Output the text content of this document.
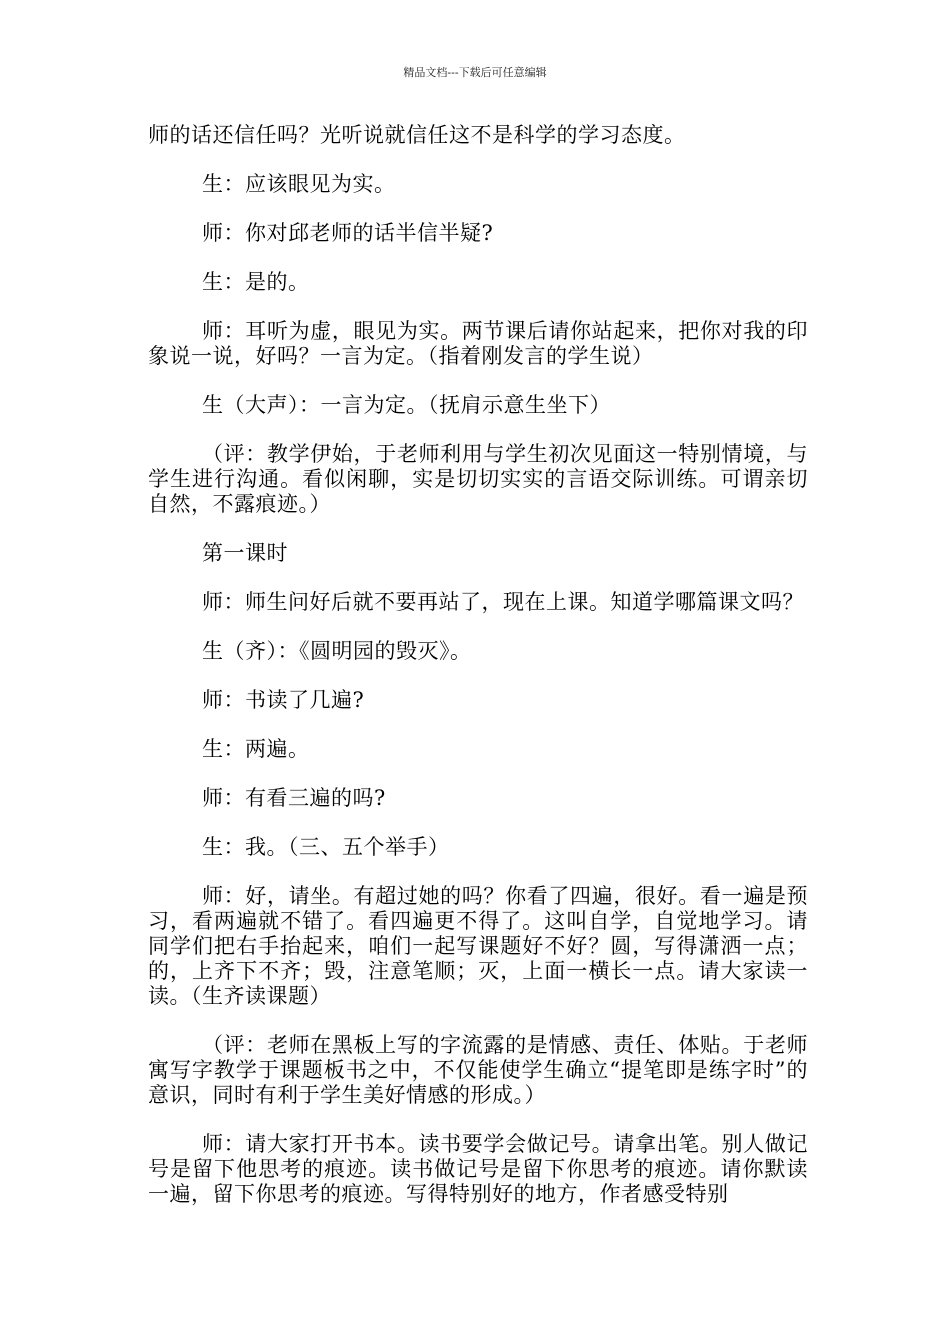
精品文档---下载后可任意编辑

师的话还信任吗？光听说就信任这不是科学的学习态度。

生：应该眼见为实。

师：你对邱老师的话半信半疑?

生：是的。

师：耳听为虚，眼见为实。两节课后请你站起来，把你对我的印象说一说，好吗？一言为定。（指着刚发言的学生说）

生（大声）：一言为定。（抚肩示意生坐下）

（评：教学伊始，于老师利用与学生初次见面这一特别情境，与学生进行沟通。看似闲聊，实是切切实实的言语交际训练。可谓亲切自然，不露痕迹。）

第一课时

师：师生问好后就不要再站了，现在上课。知道学哪篇课文吗？

生（齐）：《圆明园的毁灭》。

师：书读了几遍?

生：两遍。

师：有看三遍的吗?

生：我。（三、五个举手）

师：好，请坐。有超过她的吗？你看了四遍，很好。看一遍是预习，看两遍就不错了。看四遍更不得了。这叫自学，自觉地学习。请同学们把右手抬起来，咱们一起写课题好不好？圆，写得潇洒一点；的，上齐下不齐；毁，注意笔顺；灭，上面一横长一点。请大家读一读。（生齐读课题）

（评：老师在黑板上写的字流露的是情感、责任、体贴。于老师寓写字教学于课题板书之中，不仅能使学生确立“提笔即是练字时”的意识，同时有利于学生美好情感的形成。）

师：请大家打开书本。读书要学会做记号。请拿出笔。别人做记号是留下他思考的痕迹。读书做记号是留下你思考的痕迹。请你默读一遍，留下你思考的痕迹。写得特别好的地方，作者感受特别
